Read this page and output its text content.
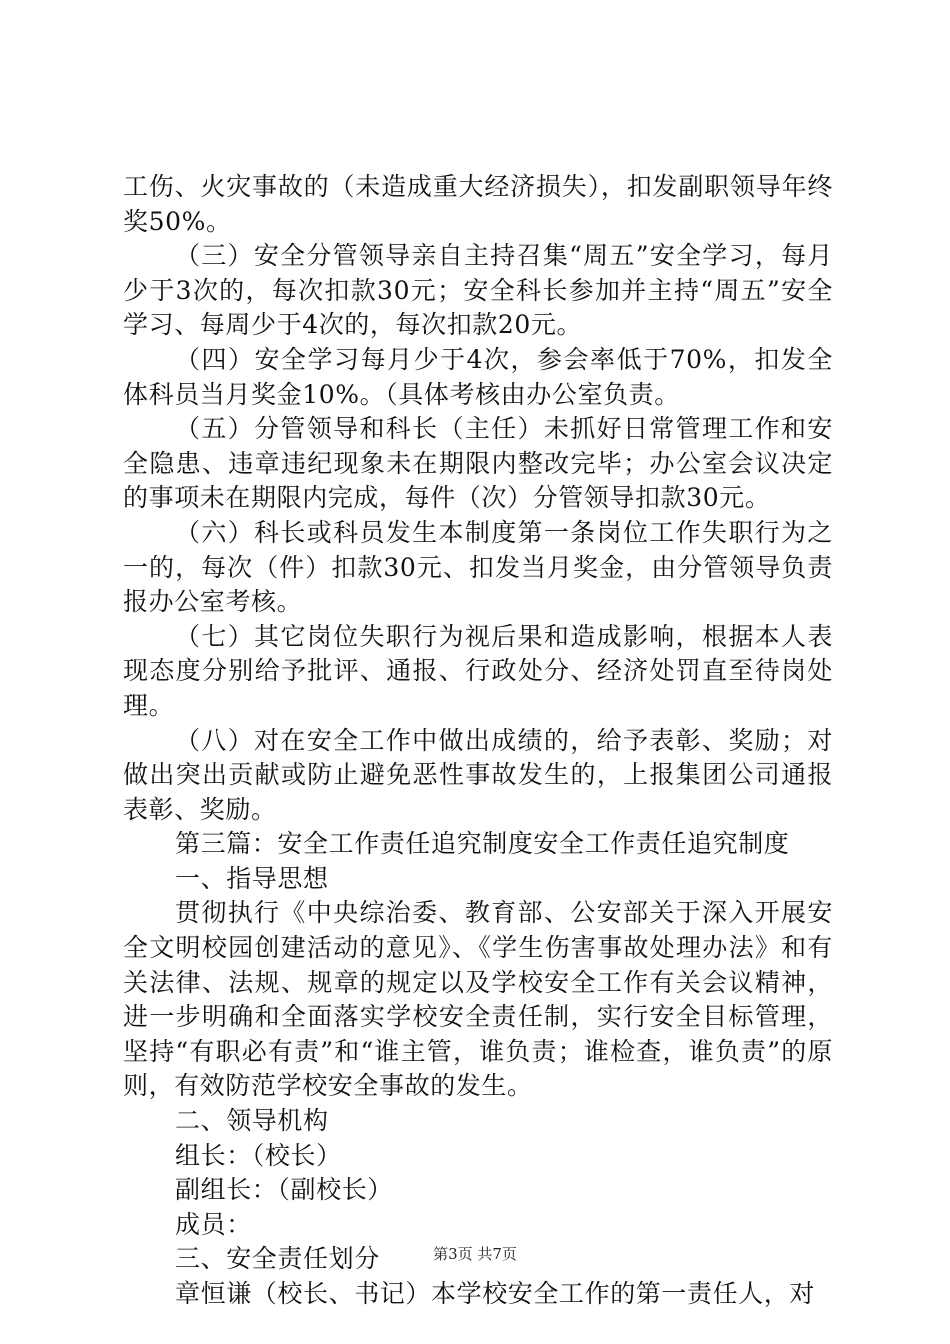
工伤、火灾事故的（未造成重大经济损失），扣发副职领导年终奖50%。

（三）安全分管领导亲自主持召集“周五”安全学习，每月少于3次的，每次扣款30元；安全科长参加并主持“周五”安全学习、每周少于4次的，每次扣款20元。

（四）安全学习每月少于4次，参会率低于70%，扣发全体科员当月奖金10%。（具体考核由办公室负责。

（五）分管领导和科长（主任）未抓好日常管理工作和安全隐患、违章违纪现象未在期限内整改完毕；办公室会议决定的事项未在期限内完成，每件（次）分管领导扣款30元。

（六）科长或科员发生本制度第一条岗位工作失职行为之一的，每次（件）扣款30元、扣发当月奖金，由分管领导负责报办公室考核。

（七）其它岗位失职行为视后果和造成影响，根据本人表现态度分别给予批评、通报、行政处分、经济处罚直至待岗处理。

（八）对在安全工作中做出成绩的，给予表彰、奖励；对做出突出贡献或防止避免恶性事故发生的，上报集团公司通报表彰、奖励。

第三篇：安全工作责任追究制度安全工作责任追究制度

一、指导思想

贯彻执行《中央综治委、教育部、公安部关于深入开展安全文明校园创建活动的意见》、《学生伤害事故处理办法》和有关法律、法规、规章的规定以及学校安全工作有关会议精神，进一步明确和全面落实学校安全责任制，实行安全目标管理，坚持“有职必有责”和“谁主管，谁负责；谁检查，谁负责”的原则，有效防范学校安全事故的发生。

二、领导机构

组长：（校长）

副组长：（副校长）

成员：

三、安全责任划分

章恒谦（校长、书记）本学校安全工作的第一责任人，对

第3页 共7页
